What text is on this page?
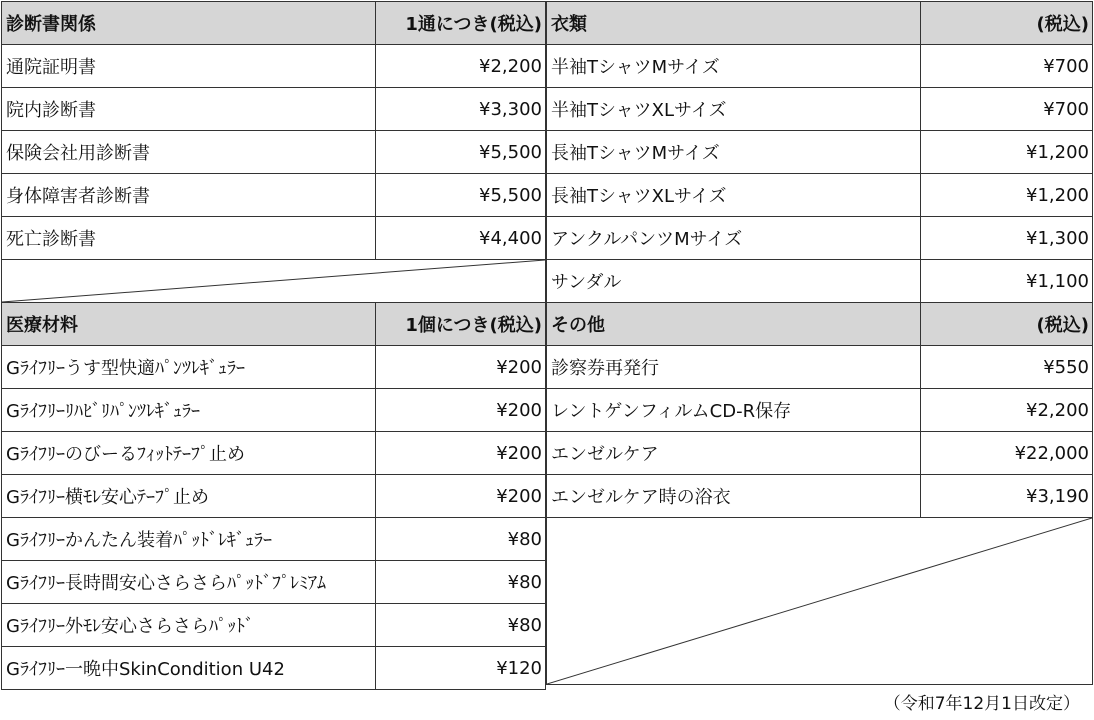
診断書関係	1通につき(税込)
通院証明書	¥2,200
院内診断書	¥3,300
保険会社用診断書	¥5,500
身体障害者診断書	¥5,500
死亡診断書	¥4,400

医療材料	1個につき(税込)
Gﾗｲﾌﾘｰうす型快適ﾊﾟﾝﾂﾚｷﾞｭﾗｰ	¥200
Gﾗｲﾌﾘｰﾘﾊﾋﾞﾘﾊﾟﾝﾂﾚｷﾞｭﾗｰ	¥200
Gﾗｲﾌﾘｰのびーるﾌｨｯﾄﾃｰﾌﾟ止め	¥200
Gﾗｲﾌﾘｰ横ﾓﾚ安心ﾃｰﾌﾟ止め	¥200
Gﾗｲﾌﾘｰかんたん装着ﾊﾟｯﾄﾞﾚｷﾞｭﾗｰ	¥80
Gﾗｲﾌﾘｰ長時間安心さらさらﾊﾟｯﾄﾞﾌﾟﾚﾐｱﾑ	¥80
Gﾗｲﾌﾘｰ外ﾓﾚ安心さらさらﾊﾟｯﾄﾞ	¥80
Gﾗｲﾌﾘｰ一晩中SkinCondition U42	¥120
衣類	(税込)
半袖TシャツMサイズ	¥700
半袖TシャツXLサイズ	¥700
長袖TシャツMサイズ	¥1,200
長袖TシャツXLサイズ	¥1,200
アンクルパンツMサイズ	¥1,300
サンダル	¥1,100
その他	(税込)
診察券再発行	¥550
レントゲンフィルムCD-R保存	¥2,200
エンゼルケア	¥22,000
エンゼルケア時の浴衣	¥3,190

（令和7年12月1日改定）
